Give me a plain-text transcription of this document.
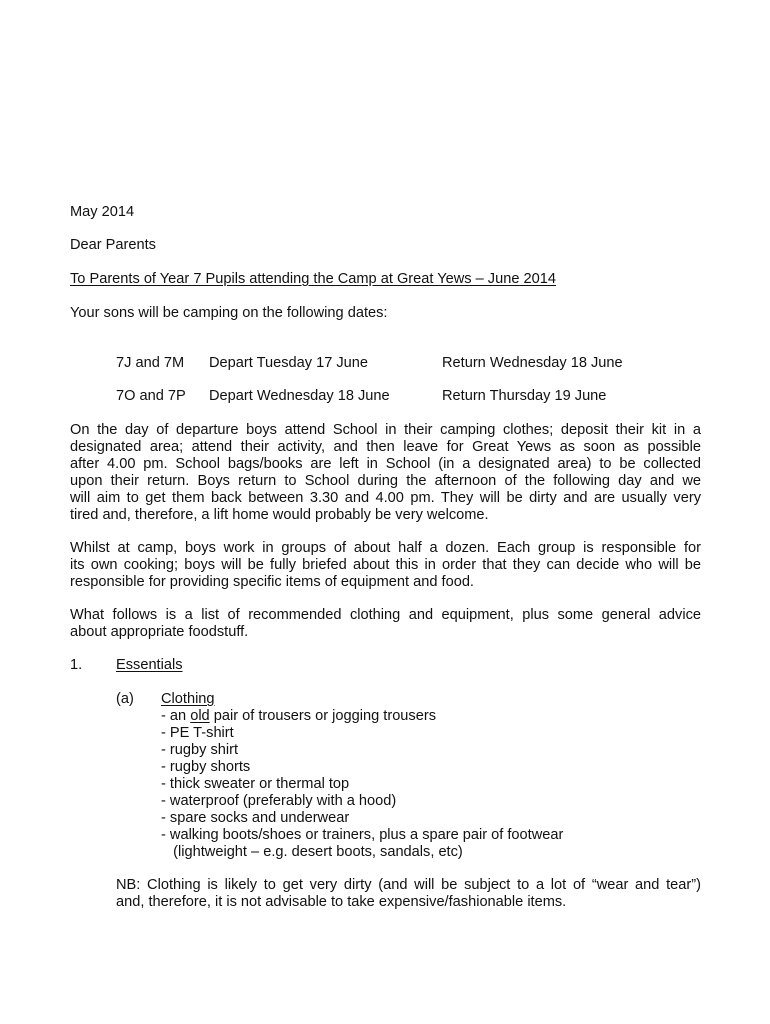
May 2014
Dear Parents
To Parents of Year 7 Pupils attending the Camp at Great Yews – June 2014
Your sons will be camping on the following dates:
7J and 7M Depart Tuesday 17 June	Return Wednesday 18 June
7O and 7P Depart Wednesday 18 June	Return Thursday 19 June
On the day of departure boys attend School in their camping clothes; deposit their kit in a
designated area; attend their activity, and then leave for Great Yews as soon as possible
after 4.00 pm. School bags/books are left in School (in a designated area) to be collected
upon their return. Boys return to School during the afternoon of the following day and we
will aim to get them back between 3.30 and 4.00 pm. They will be dirty and are usually very
tired and, therefore, a lift home would probably be very welcome.
Whilst at camp, boys work in groups of about half a dozen. Each group is responsible for
its own cooking; boys will be fully briefed about this in order that they can decide who will be
responsible for providing specific items of equipment and food.
What follows is a list of recommended clothing and equipment, plus some general advice
about appropriate foodstuff.
1. Essentials
(a) Clothing
- an old pair of trousers or jogging trousers
- PE T-shirt
- rugby shirt
- rugby shorts
- thick sweater or thermal top
- waterproof (preferably with a hood)
- spare socks and underwear
- walking boots/shoes or trainers, plus a spare pair of footwear
(lightweight – e.g. desert boots, sandals, etc)
NB: Clothing is likely to get very dirty (and will be subject to a lot of “wear and tear”)
and, therefore, it is not advisable to take expensive/fashionable items.
